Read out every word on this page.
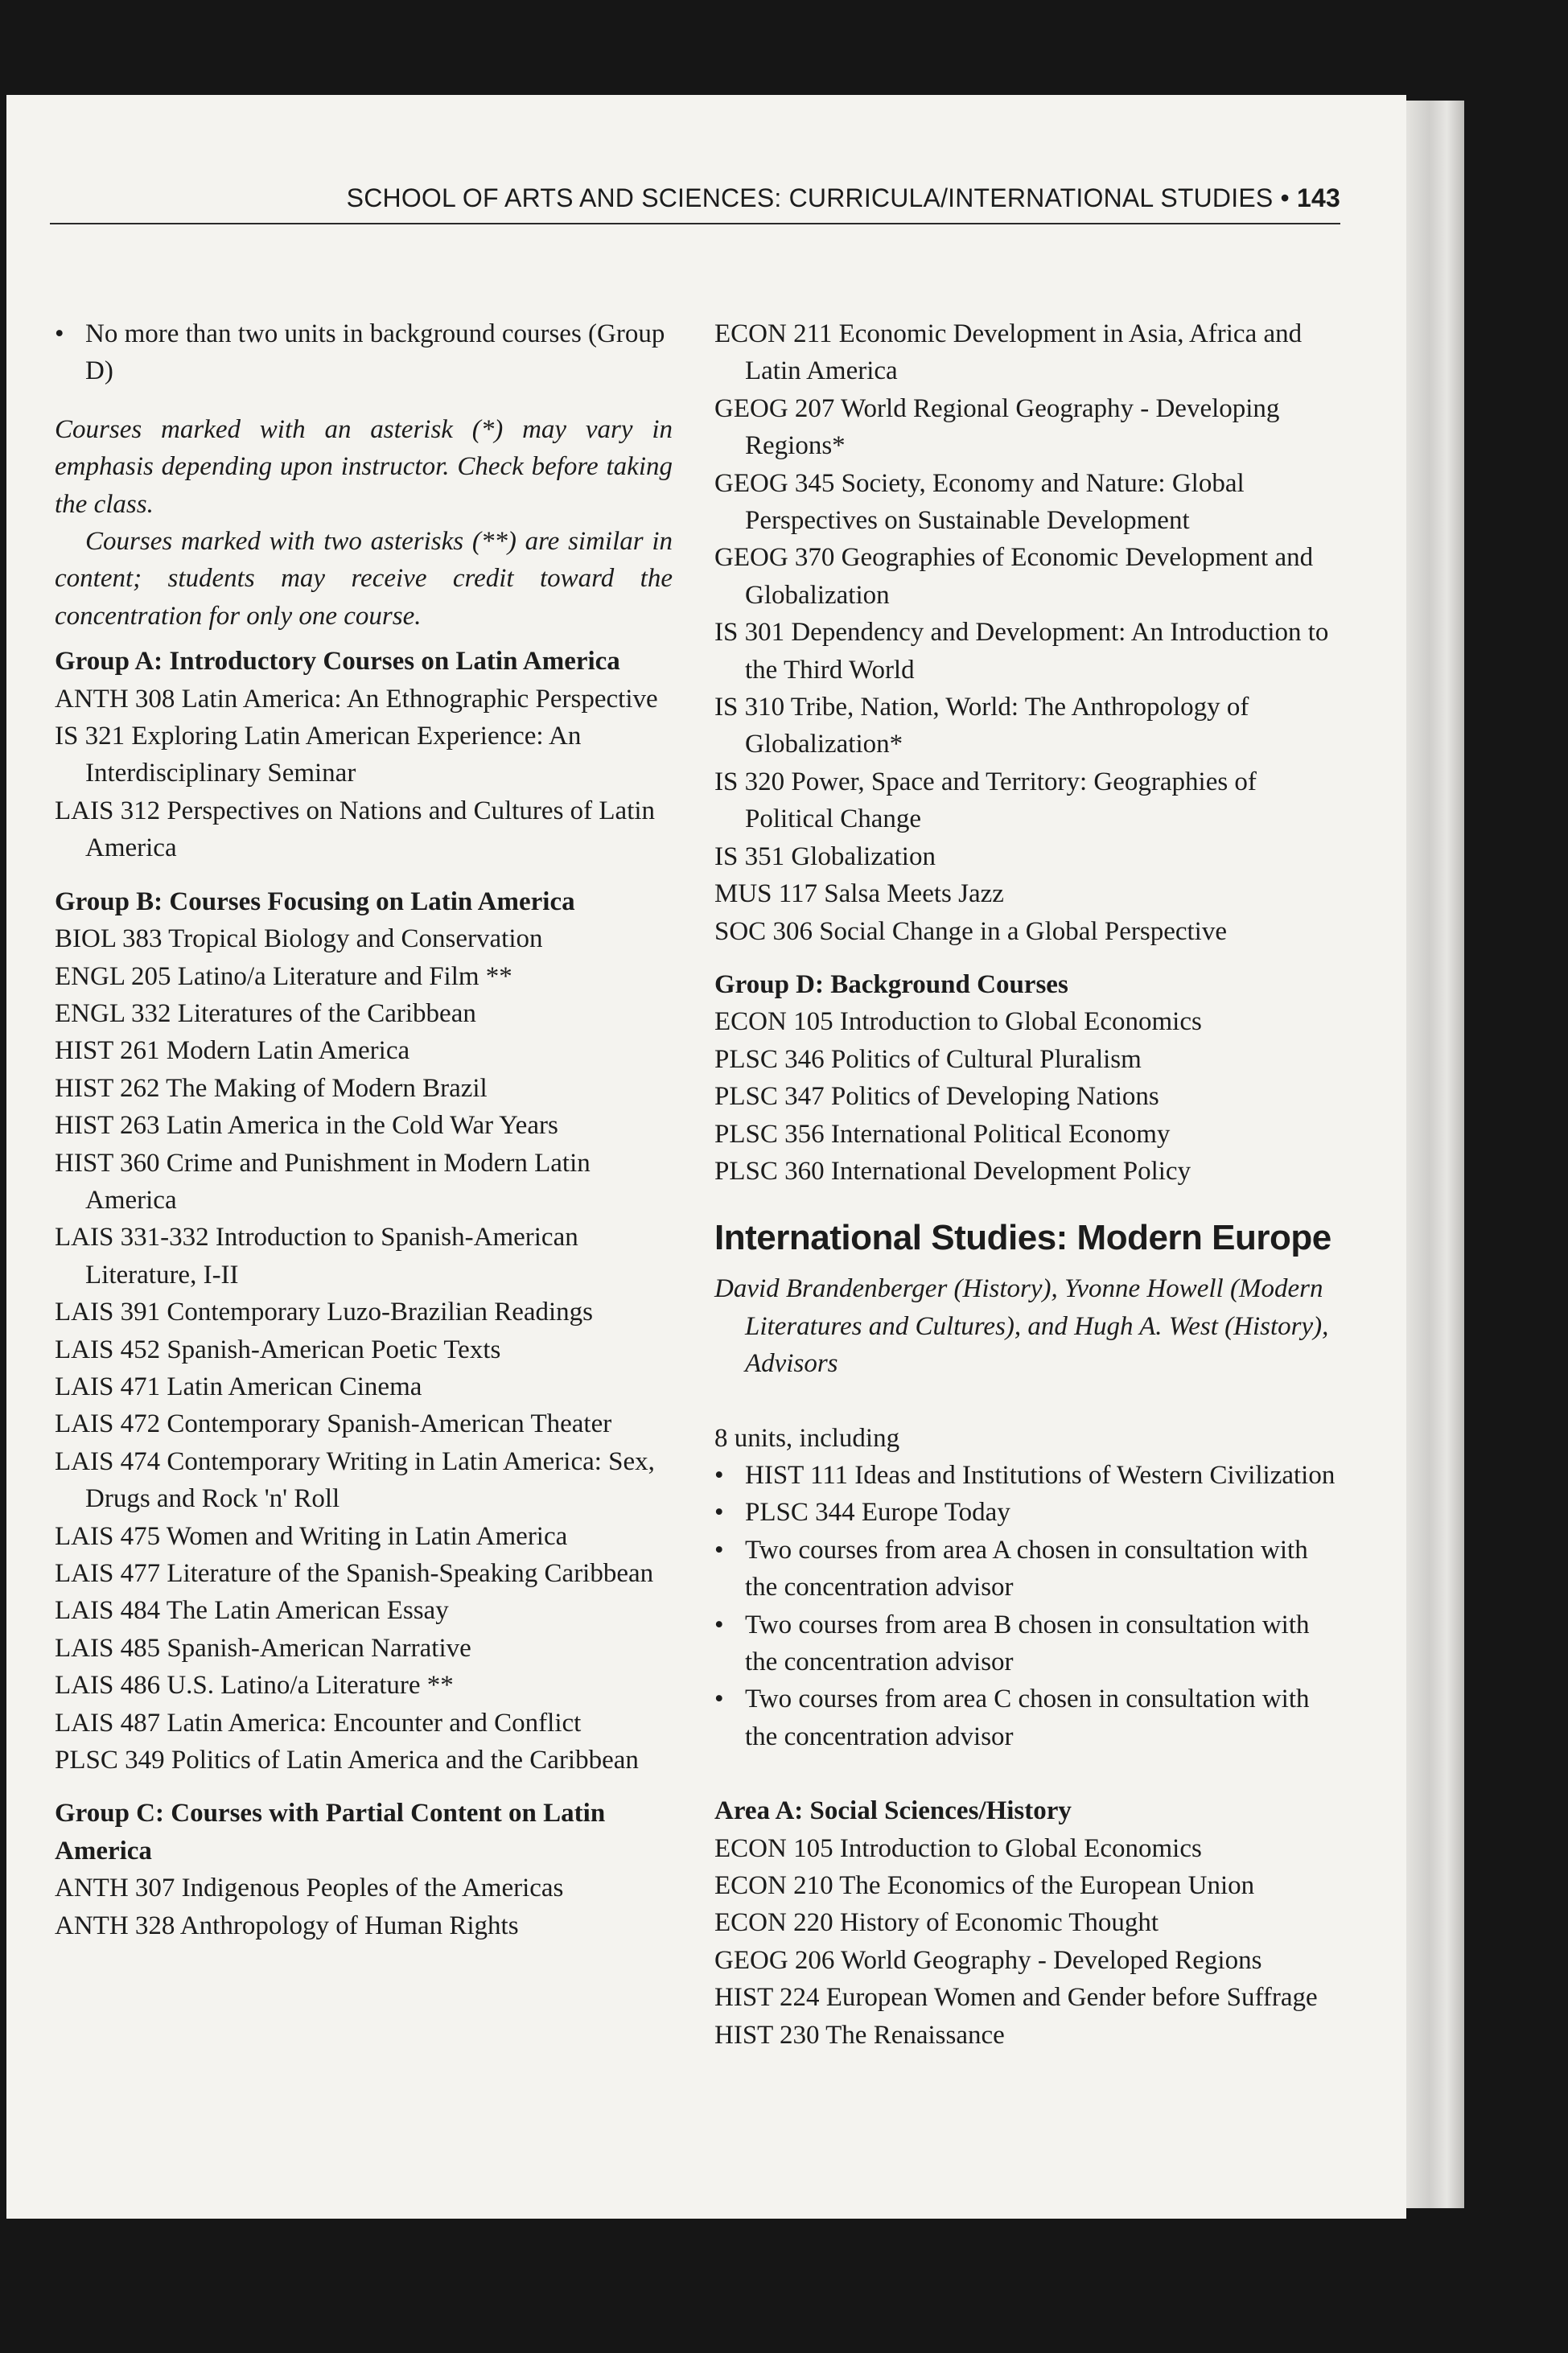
SCHOOL OF ARTS AND SCIENCES: CURRICULA/INTERNATIONAL STUDIES • 143
• No more than two units in background courses (Group D)
Courses marked with an asterisk (*) may vary in emphasis depending upon instructor. Check before taking the class.
Courses marked with two asterisks (**) are similar in content; students may receive credit toward the concentration for only one course.
Group A: Introductory Courses on Latin America
ANTH 308 Latin America: An Ethnographic Perspective
IS 321 Exploring Latin American Experience: An Interdisciplinary Seminar
LAIS 312 Perspectives on Nations and Cultures of Latin America
Group B: Courses Focusing on Latin America
BIOL 383 Tropical Biology and Conservation
ENGL 205 Latino/a Literature and Film **
ENGL 332 Literatures of the Caribbean
HIST 261 Modern Latin America
HIST 262 The Making of Modern Brazil
HIST 263 Latin America in the Cold War Years
HIST 360 Crime and Punishment in Modern Latin America
LAIS 331-332 Introduction to Spanish-American Literature, I-II
LAIS 391 Contemporary Luzo-Brazilian Readings
LAIS 452 Spanish-American Poetic Texts
LAIS 471 Latin American Cinema
LAIS 472 Contemporary Spanish-American Theater
LAIS 474 Contemporary Writing in Latin America: Sex, Drugs and Rock 'n' Roll
LAIS 475 Women and Writing in Latin America
LAIS 477 Literature of the Spanish-Speaking Caribbean
LAIS 484 The Latin American Essay
LAIS 485 Spanish-American Narrative
LAIS 486 U.S. Latino/a Literature **
LAIS 487 Latin America: Encounter and Conflict
PLSC 349 Politics of Latin America and the Caribbean
Group C: Courses with Partial Content on Latin America
ANTH 307 Indigenous Peoples of the Americas
ANTH 328 Anthropology of Human Rights
ECON 211 Economic Development in Asia, Africa and Latin America
GEOG 207 World Regional Geography - Developing Regions*
GEOG 345 Society, Economy and Nature: Global Perspectives on Sustainable Development
GEOG 370 Geographies of Economic Development and Globalization
IS 301 Dependency and Development: An Introduction to the Third World
IS 310 Tribe, Nation, World: The Anthropology of Globalization*
IS 320 Power, Space and Territory: Geographies of Political Change
IS 351 Globalization
MUS 117 Salsa Meets Jazz
SOC 306 Social Change in a Global Perspective
Group D: Background Courses
ECON 105 Introduction to Global Economics
PLSC 346 Politics of Cultural Pluralism
PLSC 347 Politics of Developing Nations
PLSC 356 International Political Economy
PLSC 360 International Development Policy
International Studies: Modern Europe
David Brandenberger (History), Yvonne Howell (Modern Literatures and Cultures), and Hugh A. West (History), Advisors
8 units, including
• HIST 111 Ideas and Institutions of Western Civilization
• PLSC 344 Europe Today
• Two courses from area A chosen in consultation with the concentration advisor
• Two courses from area B chosen in consultation with the concentration advisor
• Two courses from area C chosen in consultation with the concentration advisor
Area A: Social Sciences/History
ECON 105 Introduction to Global Economics
ECON 210 The Economics of the European Union
ECON 220 History of Economic Thought
GEOG 206 World Geography - Developed Regions
HIST 224 European Women and Gender before Suffrage
HIST 230 The Renaissance
